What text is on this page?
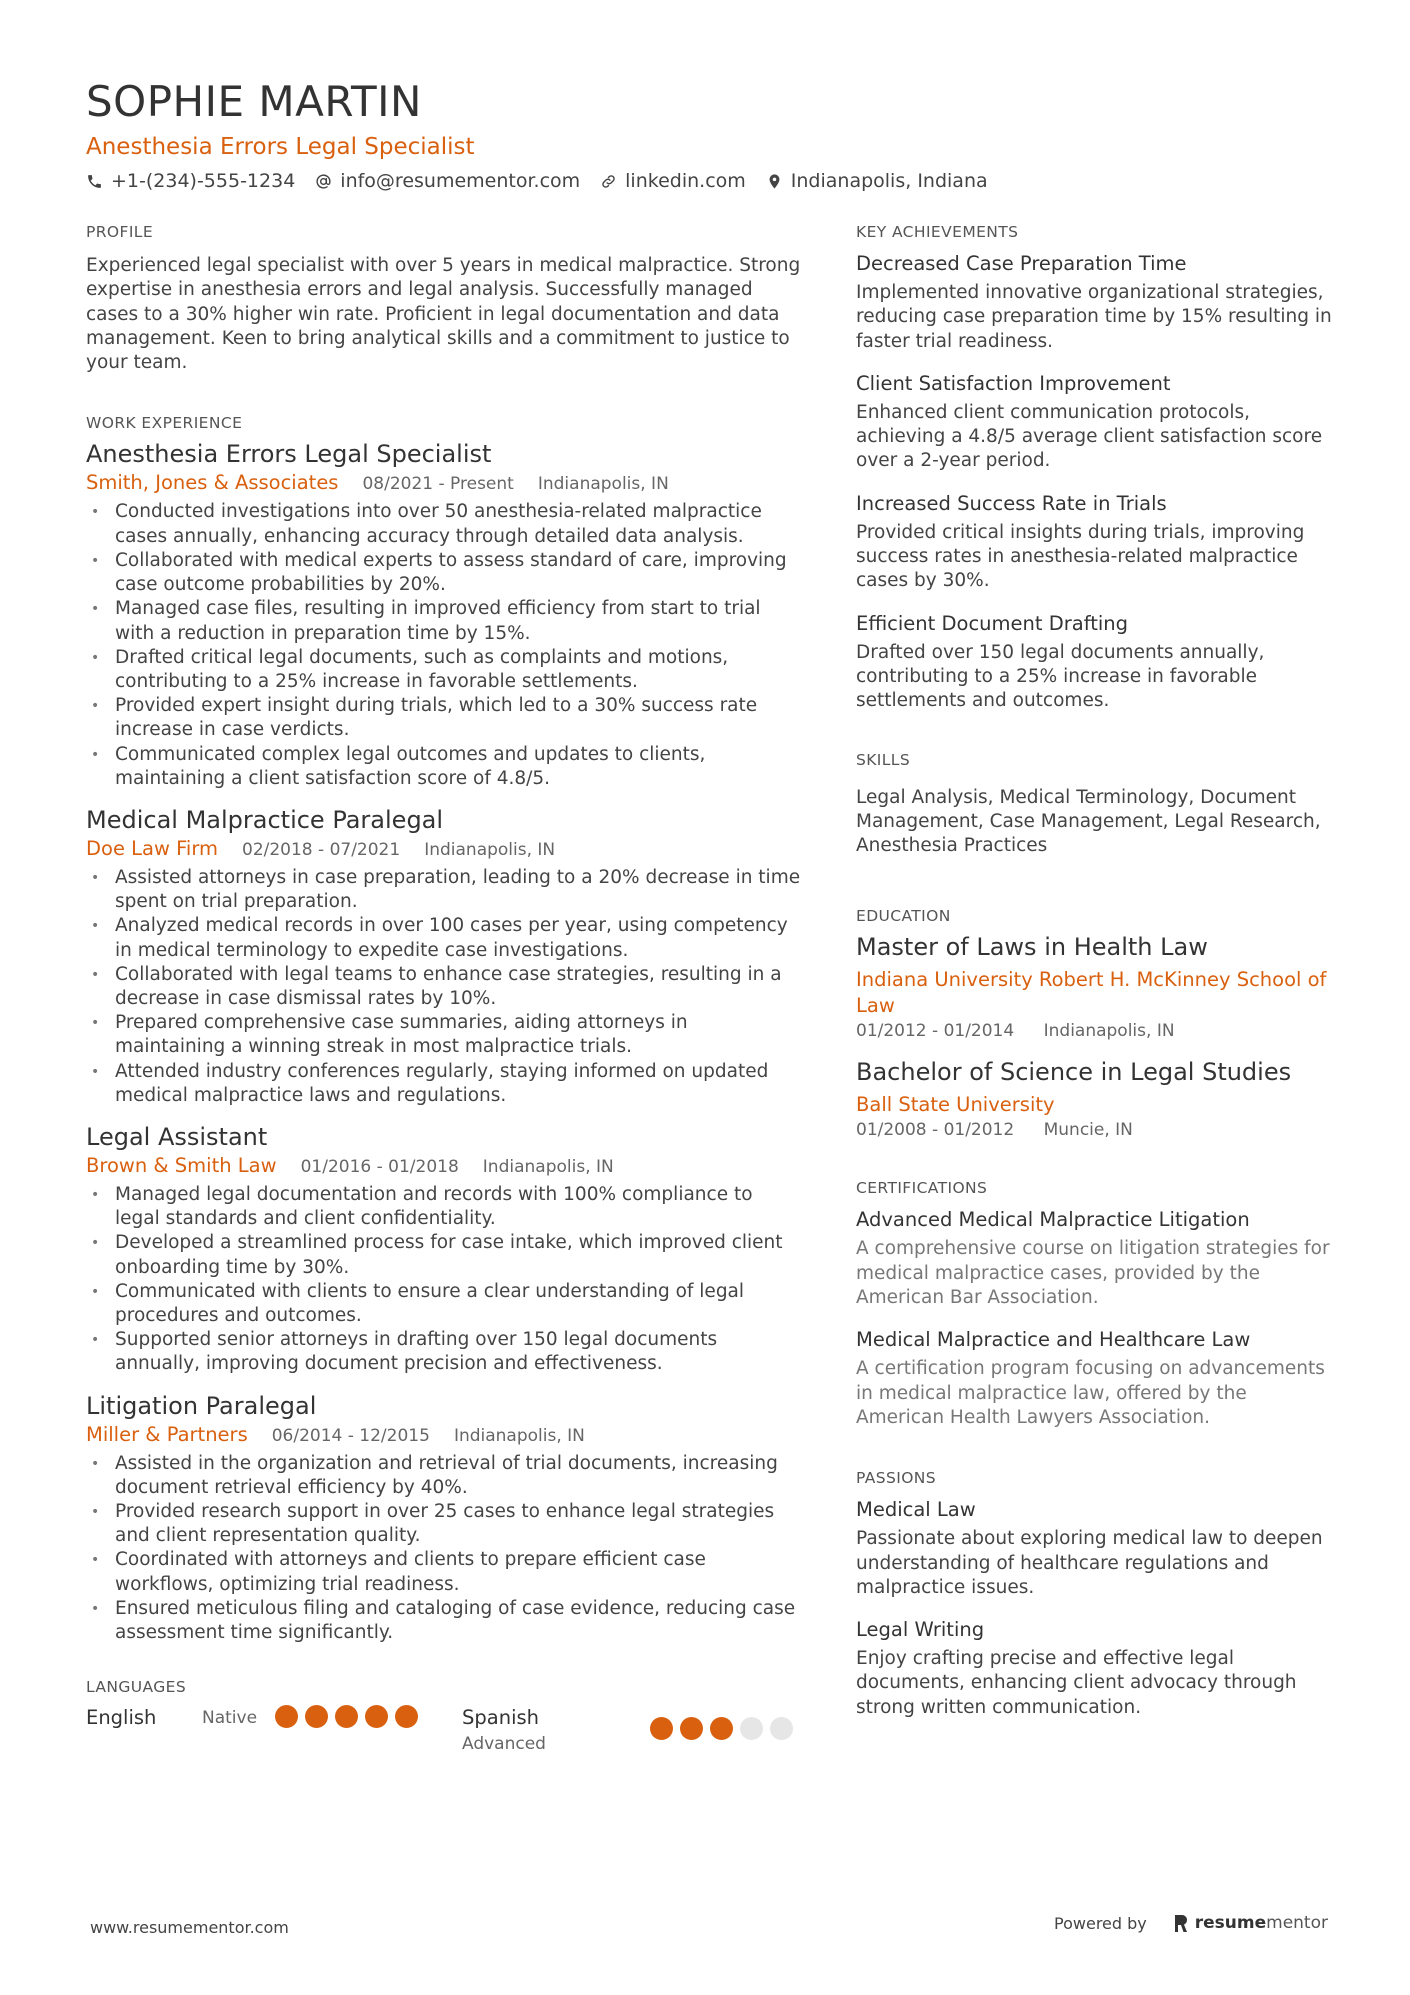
SOPHIE MARTIN
Anesthesia Errors Legal Specialist
+1-(234)-555-1234 info@resumementor.com linkedin.com Indianapolis, Indiana
PROFILE
Experienced legal specialist with over 5 years in medical malpractice. Strong expertise in anesthesia errors and legal analysis. Successfully managed cases to a 30% higher win rate. Proficient in legal documentation and data management. Keen to bring analytical skills and a commitment to justice to your team.
WORK EXPERIENCE
Anesthesia Errors Legal Specialist
Smith, Jones & Associates 08/2021 - Present Indianapolis, IN
• Conducted investigations into over 50 anesthesia-related malpractice cases annually, enhancing accuracy through detailed data analysis.
• Collaborated with medical experts to assess standard of care, improving case outcome probabilities by 20%.
• Managed case files, resulting in improved efficiency from start to trial with a reduction in preparation time by 15%.
• Drafted critical legal documents, such as complaints and motions, contributing to a 25% increase in favorable settlements.
• Provided expert insight during trials, which led to a 30% success rate increase in case verdicts.
• Communicated complex legal outcomes and updates to clients, maintaining a client satisfaction score of 4.8/5.
Medical Malpractice Paralegal
Doe Law Firm 02/2018 - 07/2021 Indianapolis, IN
• Assisted attorneys in case preparation, leading to a 20% decrease in time spent on trial preparation.
• Analyzed medical records in over 100 cases per year, using competency in medical terminology to expedite case investigations.
• Collaborated with legal teams to enhance case strategies, resulting in a decrease in case dismissal rates by 10%.
• Prepared comprehensive case summaries, aiding attorneys in maintaining a winning streak in most malpractice trials.
• Attended industry conferences regularly, staying informed on updated medical malpractice laws and regulations.
Legal Assistant
Brown & Smith Law 01/2016 - 01/2018 Indianapolis, IN
• Managed legal documentation and records with 100% compliance to legal standards and client confidentiality.
• Developed a streamlined process for case intake, which improved client onboarding time by 30%.
• Communicated with clients to ensure a clear understanding of legal procedures and outcomes.
• Supported senior attorneys in drafting over 150 legal documents annually, improving document precision and effectiveness.
Litigation Paralegal
Miller & Partners 06/2014 - 12/2015 Indianapolis, IN
• Assisted in the organization and retrieval of trial documents, increasing document retrieval efficiency by 40%.
• Provided research support in over 25 cases to enhance legal strategies and client representation quality.
• Coordinated with attorneys and clients to prepare efficient case workflows, optimizing trial readiness.
• Ensured meticulous filing and cataloging of case evidence, reducing case assessment time significantly.
LANGUAGES
English	Native	Spanish
Advanced
KEY ACHIEVEMENTS
Decreased Case Preparation Time
Implemented innovative organizational strategies, reducing case preparation time by 15% resulting in faster trial readiness.
Client Satisfaction Improvement
Enhanced client communication protocols, achieving a 4.8/5 average client satisfaction score over a 2-year period.
Increased Success Rate in Trials
Provided critical insights during trials, improving success rates in anesthesia-related malpractice cases by 30%.
Efficient Document Drafting
Drafted over 150 legal documents annually, contributing to a 25% increase in favorable settlements and outcomes.
SKILLS
Legal Analysis, Medical Terminology, Document Management, Case Management, Legal Research, Anesthesia Practices
EDUCATION
Master of Laws in Health Law
Indiana University Robert H. McKinney School of Law
01/2012 - 01/2014 Indianapolis, IN
Bachelor of Science in Legal Studies
Ball State University
01/2008 - 01/2012 Muncie, IN
CERTIFICATIONS
Advanced Medical Malpractice Litigation
A comprehensive course on litigation strategies for medical malpractice cases, provided by the American Bar Association.
Medical Malpractice and Healthcare Law
A certification program focusing on advancements in medical malpractice law, offered by the American Health Lawyers Association.
PASSIONS
Medical Law
Passionate about exploring medical law to deepen understanding of healthcare regulations and malpractice issues.
Legal Writing
Enjoy crafting precise and effective legal documents, enhancing client advocacy through strong written communication.
www.resumementor.com	Powered by	resume mentor
